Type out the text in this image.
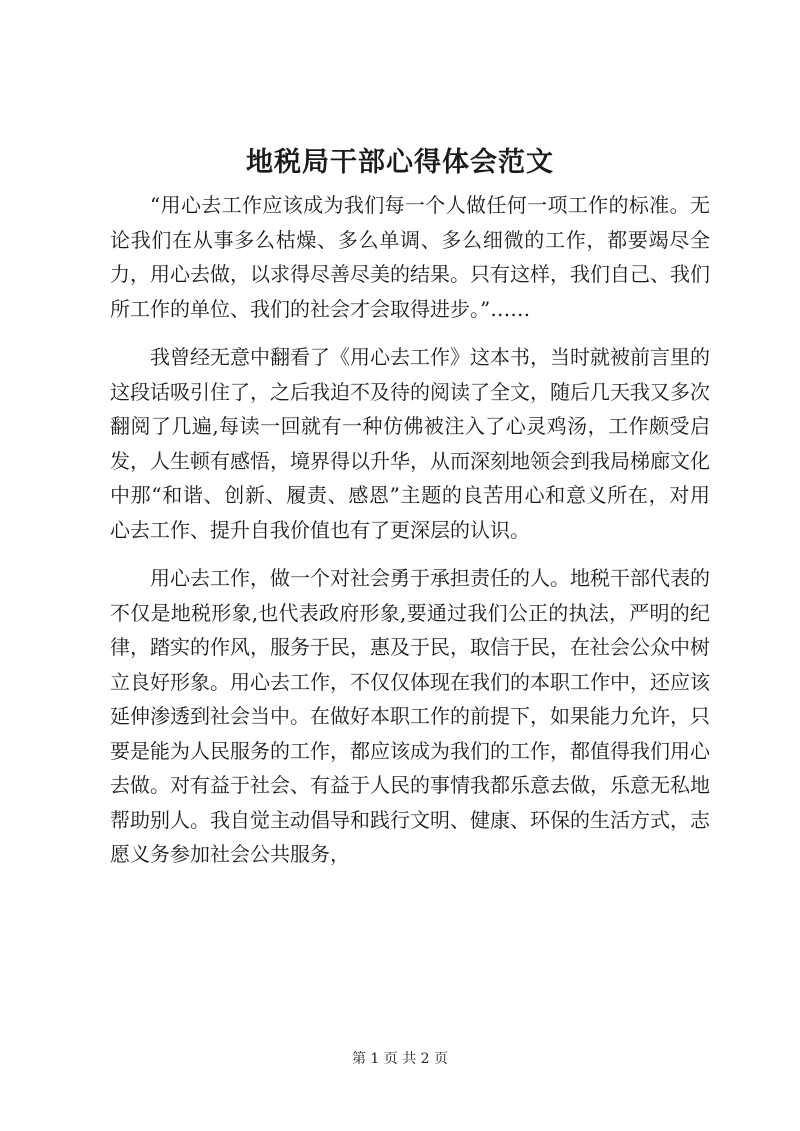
地税局干部心得体会范文

“用心去工作应该成为我们每一个人做任何一项工作的标准。无论我们在从事多么枯燥、多么单调、多么细微的工作，都要竭尽全力，用心去做，以求得尽善尽美的结果。只有这样，我们自己、我们所工作的单位、我们的社会才会取得进步。”……

我曾经无意中翻看了《用心去工作》这本书，当时就被前言里的这段话吸引住了，之后我迫不及待的阅读了全文，随后几天我又多次翻阅了几遍,每读一回就有一种仿佛被注入了心灵鸡汤，工作颇受启发，人生顿有感悟，境界得以升华，从而深刻地领会到我局梯廊文化中那“和谐、创新、履责、感恩”主题的良苦用心和意义所在，对用心去工作、提升自我价值也有了更深层的认识。

用心去工作，做一个对社会勇于承担责任的人。地税干部代表的不仅是地税形象,也代表政府形象,要通过我们公正的执法，严明的纪律，踏实的作风，服务于民，惠及于民，取信于民，在社会公众中树立良好形象。用心去工作，不仅仅体现在我们的本职工作中，还应该延伸渗透到社会当中。在做好本职工作的前提下，如果能力允许，只要是能为人民服务的工作，都应该成为我们的工作，都值得我们用心去做。对有益于社会、有益于人民的事情我都乐意去做，乐意无私地帮助别人。我自觉主动倡导和践行文明、健康、环保的生活方式，志愿义务参加社会公共服务，

第 1 页 共 2 页
